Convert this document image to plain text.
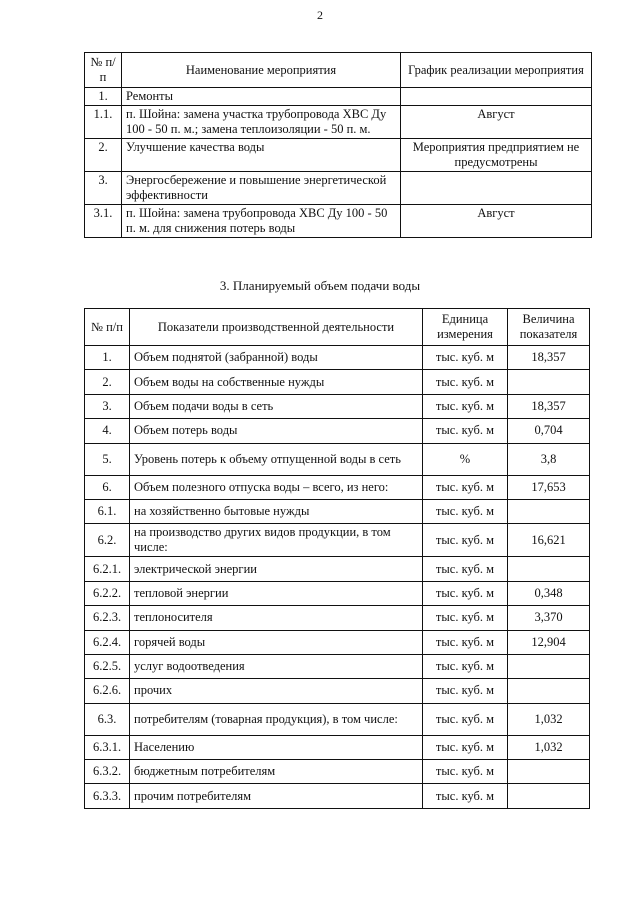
2
№ п/п	Наименование мероприятия	График реализации мероприятия
1.	Ремонты	
1.1.	п. Шойна: замена участка трубопровода ХВС Ду 100 - 50 п. м.; замена теплоизоляции - 50 п. м.	Август
2.	Улучшение качества воды	Мероприятия предприятием не предусмотрены
3.	Энергосбережение и повышение энергетической эффективности	
3.1.	п. Шойна: замена трубопровода ХВС Ду 100 - 50 п. м. для снижения потерь воды	Август
3. Планируемый объем подачи воды
№ п/п	Показатели производственной деятельности	Единица измерения	Величина показателя
1.	Объем поднятой (забранной) воды	тыс. куб. м	18,357
2.	Объем воды на собственные нужды	тыс. куб. м	
3.	Объем подачи воды в сеть	тыс. куб. м	18,357
4.	Объем потерь воды	тыс. куб. м	0,704
5.	Уровень потерь к объему отпущенной воды в сеть	%	3,8
6.	Объем полезного отпуска воды – всего, из него:	тыс. куб. м	17,653
6.1.	на хозяйственно бытовые нужды	тыс. куб. м	
6.2.	на производство других видов продукции, в том числе:	тыс. куб. м	16,621
6.2.1.	электрической энергии	тыс. куб. м	
6.2.2.	тепловой энергии	тыс. куб. м	0,348
6.2.3.	теплоносителя	тыс. куб. м	3,370
6.2.4.	горячей воды	тыс. куб. м	12,904
6.2.5.	услуг водоотведения	тыс. куб. м	
6.2.6.	прочих	тыс. куб. м	
6.3.	потребителям (товарная продукция), в том числе:	тыс. куб. м	1,032
6.3.1.	Населению	тыс. куб. м	1,032
6.3.2.	бюджетным потребителям	тыс. куб. м	
6.3.3.	прочим потребителям	тыс. куб. м	
